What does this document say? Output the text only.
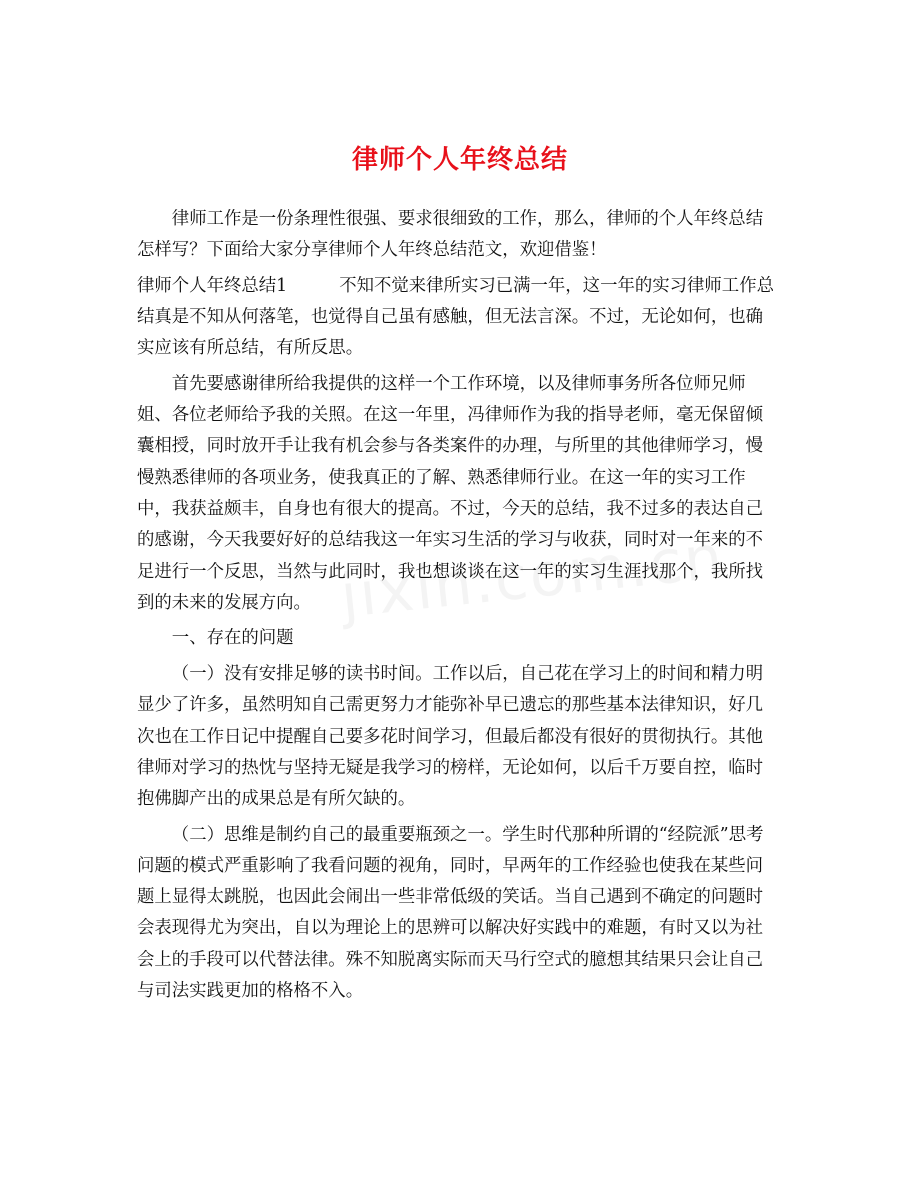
律师个人年终总结

律师工作是一份条理性很强、要求很细致的工作，那么，律师的个人年终总结怎样写？下面给大家分享律师个人年终总结范文，欢迎借鉴！

律师个人年终总结1	不知不觉来律所实习已满一年，这一年的实习律师工作总结真是不知从何落笔，也觉得自己虽有感触，但无法言深。不过，无论如何，也确实应该有所总结，有所反思。

首先要感谢律所给我提供的这样一个工作环境，以及律师事务所各位师兄师姐、各位老师给予我的关照。在这一年里，冯律师作为我的指导老师，毫无保留倾囊相授，同时放开手让我有机会参与各类案件的办理，与所里的其他律师学习，慢慢熟悉律师的各项业务，使我真正的了解、熟悉律师行业。在这一年的实习工作中，我获益颇丰，自身也有很大的提高。不过，今天的总结，我不过多的表达自己的感谢，今天我要好好的总结我这一年实习生活的学习与收获，同时对一年来的不足进行一个反思，当然与此同时，我也想谈谈在这一年的实习生涯找那个，我所找到的未来的发展方向。

一、存在的问题

（一）没有安排足够的读书时间。工作以后，自己花在学习上的时间和精力明显少了许多，虽然明知自己需更努力才能弥补早已遗忘的那些基本法律知识，好几次也在工作日记中提醒自己要多花时间学习，但最后都没有很好的贯彻执行。其他律师对学习的热忱与坚持无疑是我学习的榜样，无论如何，以后千万要自控，临时抱佛脚产出的成果总是有所欠缺的。

（二）思维是制约自己的最重要瓶颈之一。学生时代那种所谓的“经院派”思考问题的模式严重影响了我看问题的视角，同时，早两年的工作经验也使我在某些问题上显得太跳脱，也因此会闹出一些非常低级的笑话。当自己遇到不确定的问题时会表现得尤为突出，自以为理论上的思辨可以解决好实践中的难题，有时又以为社会上的手段可以代替法律。殊不知脱离实际而天马行空式的臆想其结果只会让自己与司法实践更加的格格不入。
